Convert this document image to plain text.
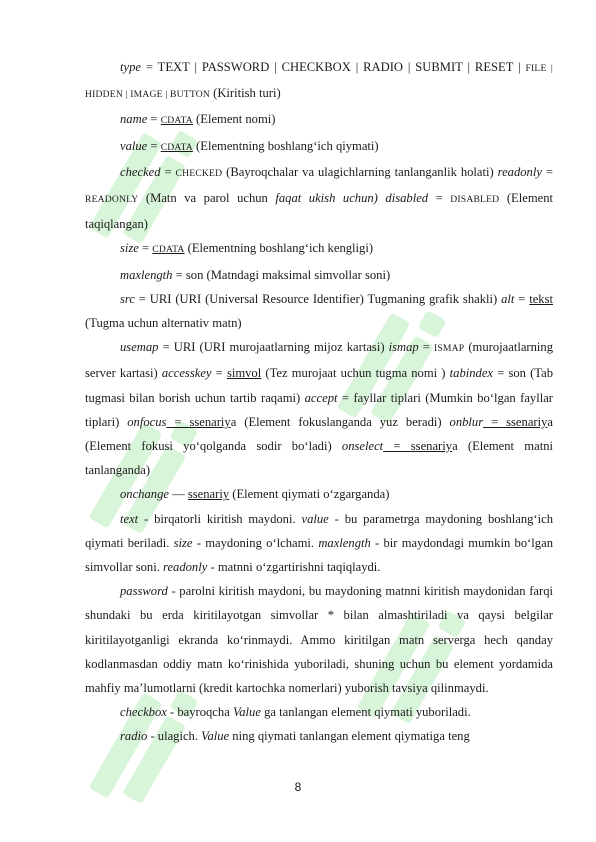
type = TEXT | PASSWORD | CHECKBOX | RADIO | SUBMIT | RESET | FILE | HIDDEN | IMAGE | BUTTON (Kiritish turi)

name = CDATA (Element nomi)

value = CDATA (Elementning boshlang‘ich qiymati)

checked = CHECKED (Bayroqchalar va ulagichlarning tanlanganlik holati) readonly = READONLY (Matn va parol uchun faqat ukish uchun) disabled = DISABLED (Element taqiqlangan)

size = CDATA (Elementning boshlang‘ich kengligi)

maxlength = son (Matndagi maksimal simvollar soni)

src = URI (URI (Universal Resource Identifier) Tugmaning grafik shakli) alt = tekst (Tugma uchun alternativ matn)

usemap = URI (URI murojaatlarning mijoz kartasi) ismap = ISMAP (murojaatlarning server kartasi) accesskey = simvol (Tez murojaat uchun tugma nomi ) tabindex = son (Tab tugmasi bilan borish uchun tartib raqami) accept = fayllar tiplari (Mumkin bo‘lgan fayllar tiplari) onfocus = ssenariya (Element fokuslanganda yuz beradi) onblur = ssenariya (Element fokusi yo‘qolganda sodir bo‘ladi) onselect = ssenariya (Element matni tanlanganda)

onchange — ssenariy (Element qiymati o‘zgarganda)

text - birqatorli kiritish maydoni. value - bu parametrga maydoning boshlang‘ich qiymati beriladi. size - maydoning o‘lchami. maxlength - bir maydondagi mumkin bo‘lgan simvollar soni. readonly - matnni o‘zgartirishni taqiqlaydi.

password - parolni kiritish maydoni, bu maydoning matnni kiritish maydonidan farqi shundaki bu erda kiritilayotgan simvollar * bilan almashtiriladi va qaysi belgilar kiritilayotganligi ekranda ko‘rinmaydi. Ammo kiritilgan matn serverga hech qanday kodlanmasdan oddiy matn ko‘rinishida yuboriladi, shuning uchun bu element yordamida mahfiy ma’lumotlarni (kredit kartochka nomerlari) yuborish tavsiya qilinmaydi.

checkbox - bayroqcha Value ga tanlangan element qiymati yuboriladi.

radio - ulagich. Value ning qiymati tanlangan element qiymatiga teng

8
